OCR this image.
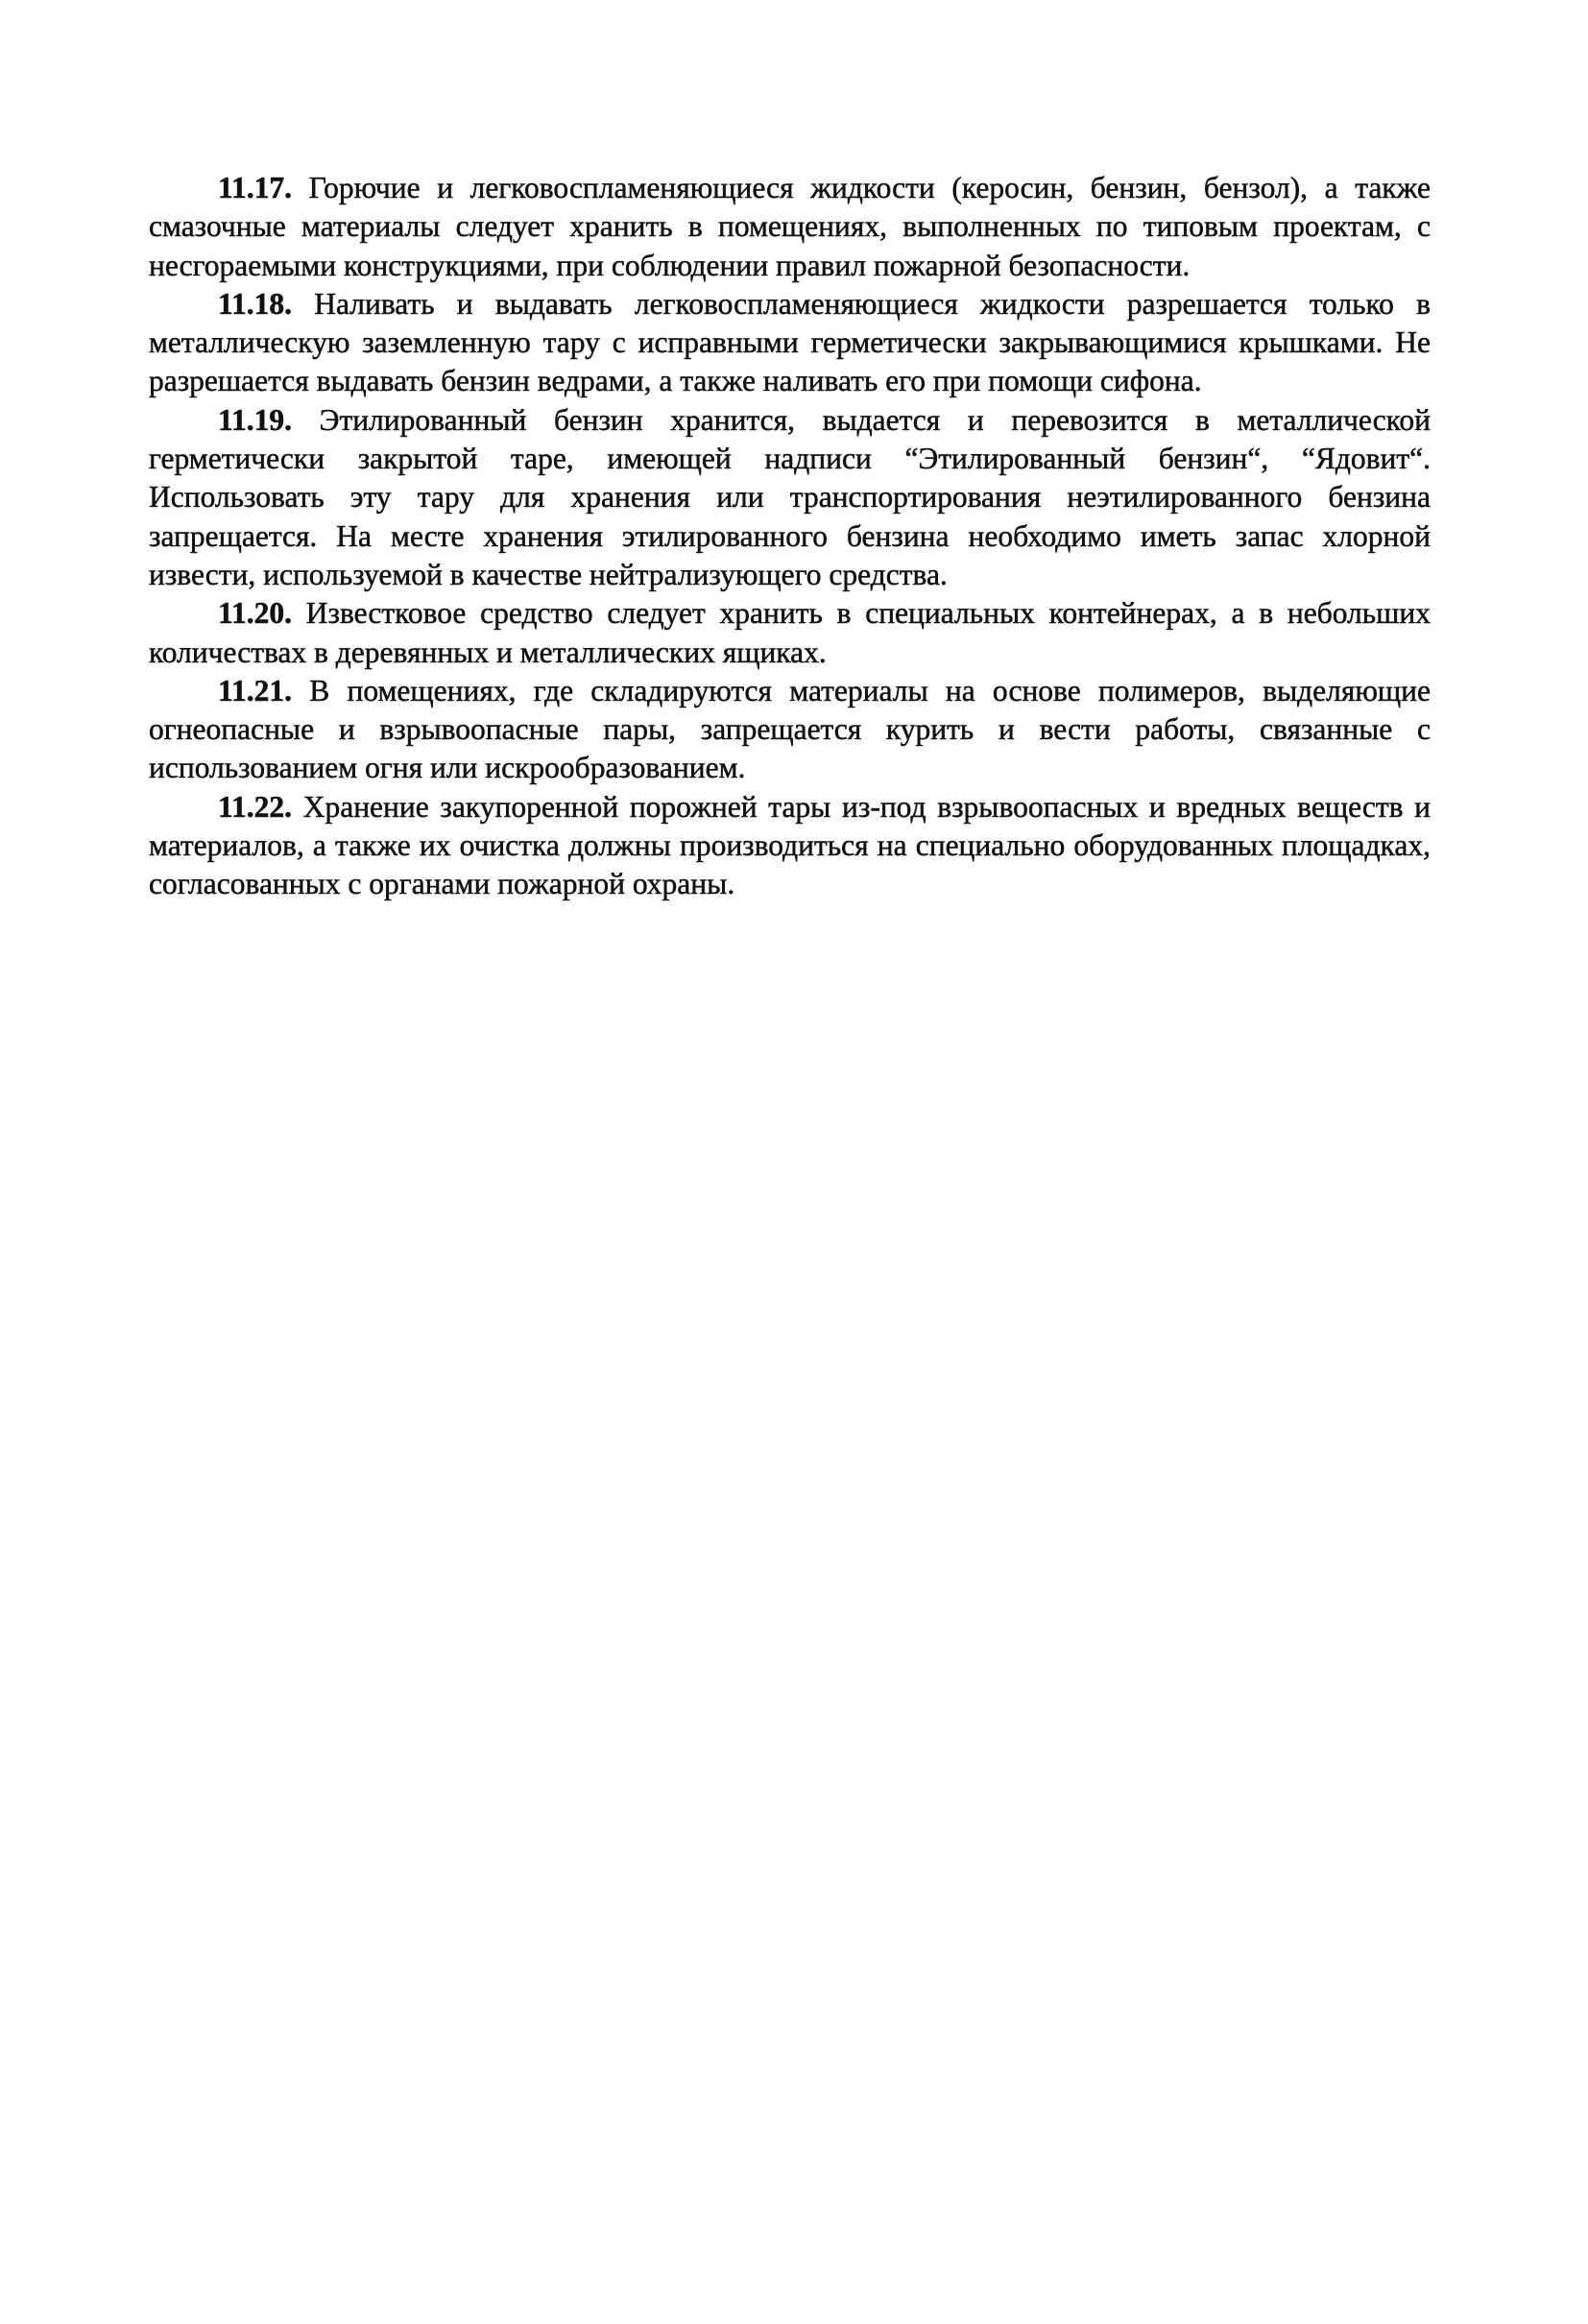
11.17. Горючие и легковоспламеняющиеся жидкости (керосин, бензин, бензол), а также смазочные материалы следует хранить в помещениях, выполненных по типовым проектам, с несгораемыми конструкциями, при соблюдении правил пожарной безопасности.

11.18. Наливать и выдавать легковоспламеняющиеся жидкости разрешается только в металлическую заземленную тару с исправными герметически закрывающимися крышками. Не разрешается выдавать бензин ведрами, а также наливать его при помощи сифона.

11.19. Этилированный бензин хранится, выдается и перевозится в металлической герметически закрытой таре, имеющей надписи “Этилированный бензин“, “Ядовит“. Использовать эту тару для хранения или транспортирования неэтилированного бензина запрещается. На месте хранения этилированного бензина необходимо иметь запас хлорной извести, используемой в качестве нейтрализующего средства.

11.20. Известковое средство следует хранить в специальных контейнерах, а в небольших количествах в деревянных и металлических ящиках.

11.21. В помещениях, где складируются материалы на основе полимеров, выделяющие огнеопасные и взрывоопасные пары, запрещается курить и вести работы, связанные с использованием огня или искрообразованием.

11.22. Хранение закупоренной порожней тары из-под взрывоопасных и вредных веществ и материалов, а также их очистка должны производиться на специально оборудованных площадках, согласованных с органами пожарной охраны.
